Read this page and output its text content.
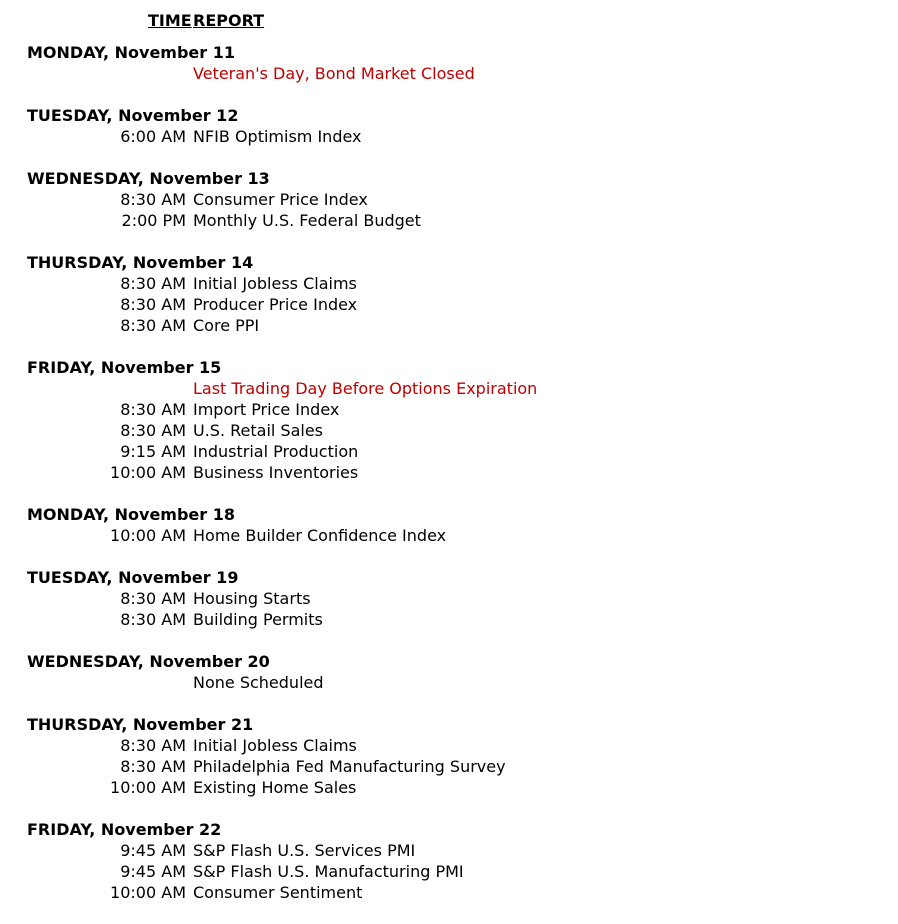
TIME REPORT
MONDAY, November 11
Veteran's Day, Bond Market Closed
TUESDAY, November 12
6:00 AM NFIB Optimism Index
WEDNESDAY, November 13
8:30 AM Consumer Price Index
2:00 PM Monthly U.S. Federal Budget
THURSDAY, November 14
8:30 AM Initial Jobless Claims
8:30 AM Producer Price Index
8:30 AM Core PPI
FRIDAY, November 15
Last Trading Day Before Options Expiration
8:30 AM Import Price Index
8:30 AM U.S. Retail Sales
9:15 AM Industrial Production
10:00 AM Business Inventories
MONDAY, November 18
10:00 AM Home Builder Confidence Index
TUESDAY, November 19
8:30 AM Housing Starts
8:30 AM Building Permits
WEDNESDAY, November 20
None Scheduled
THURSDAY, November 21
8:30 AM Initial Jobless Claims
8:30 AM Philadelphia Fed Manufacturing Survey
10:00 AM Existing Home Sales
FRIDAY, November 22
9:45 AM S&P Flash U.S. Services PMI
9:45 AM S&P Flash U.S. Manufacturing PMI
10:00 AM Consumer Sentiment
